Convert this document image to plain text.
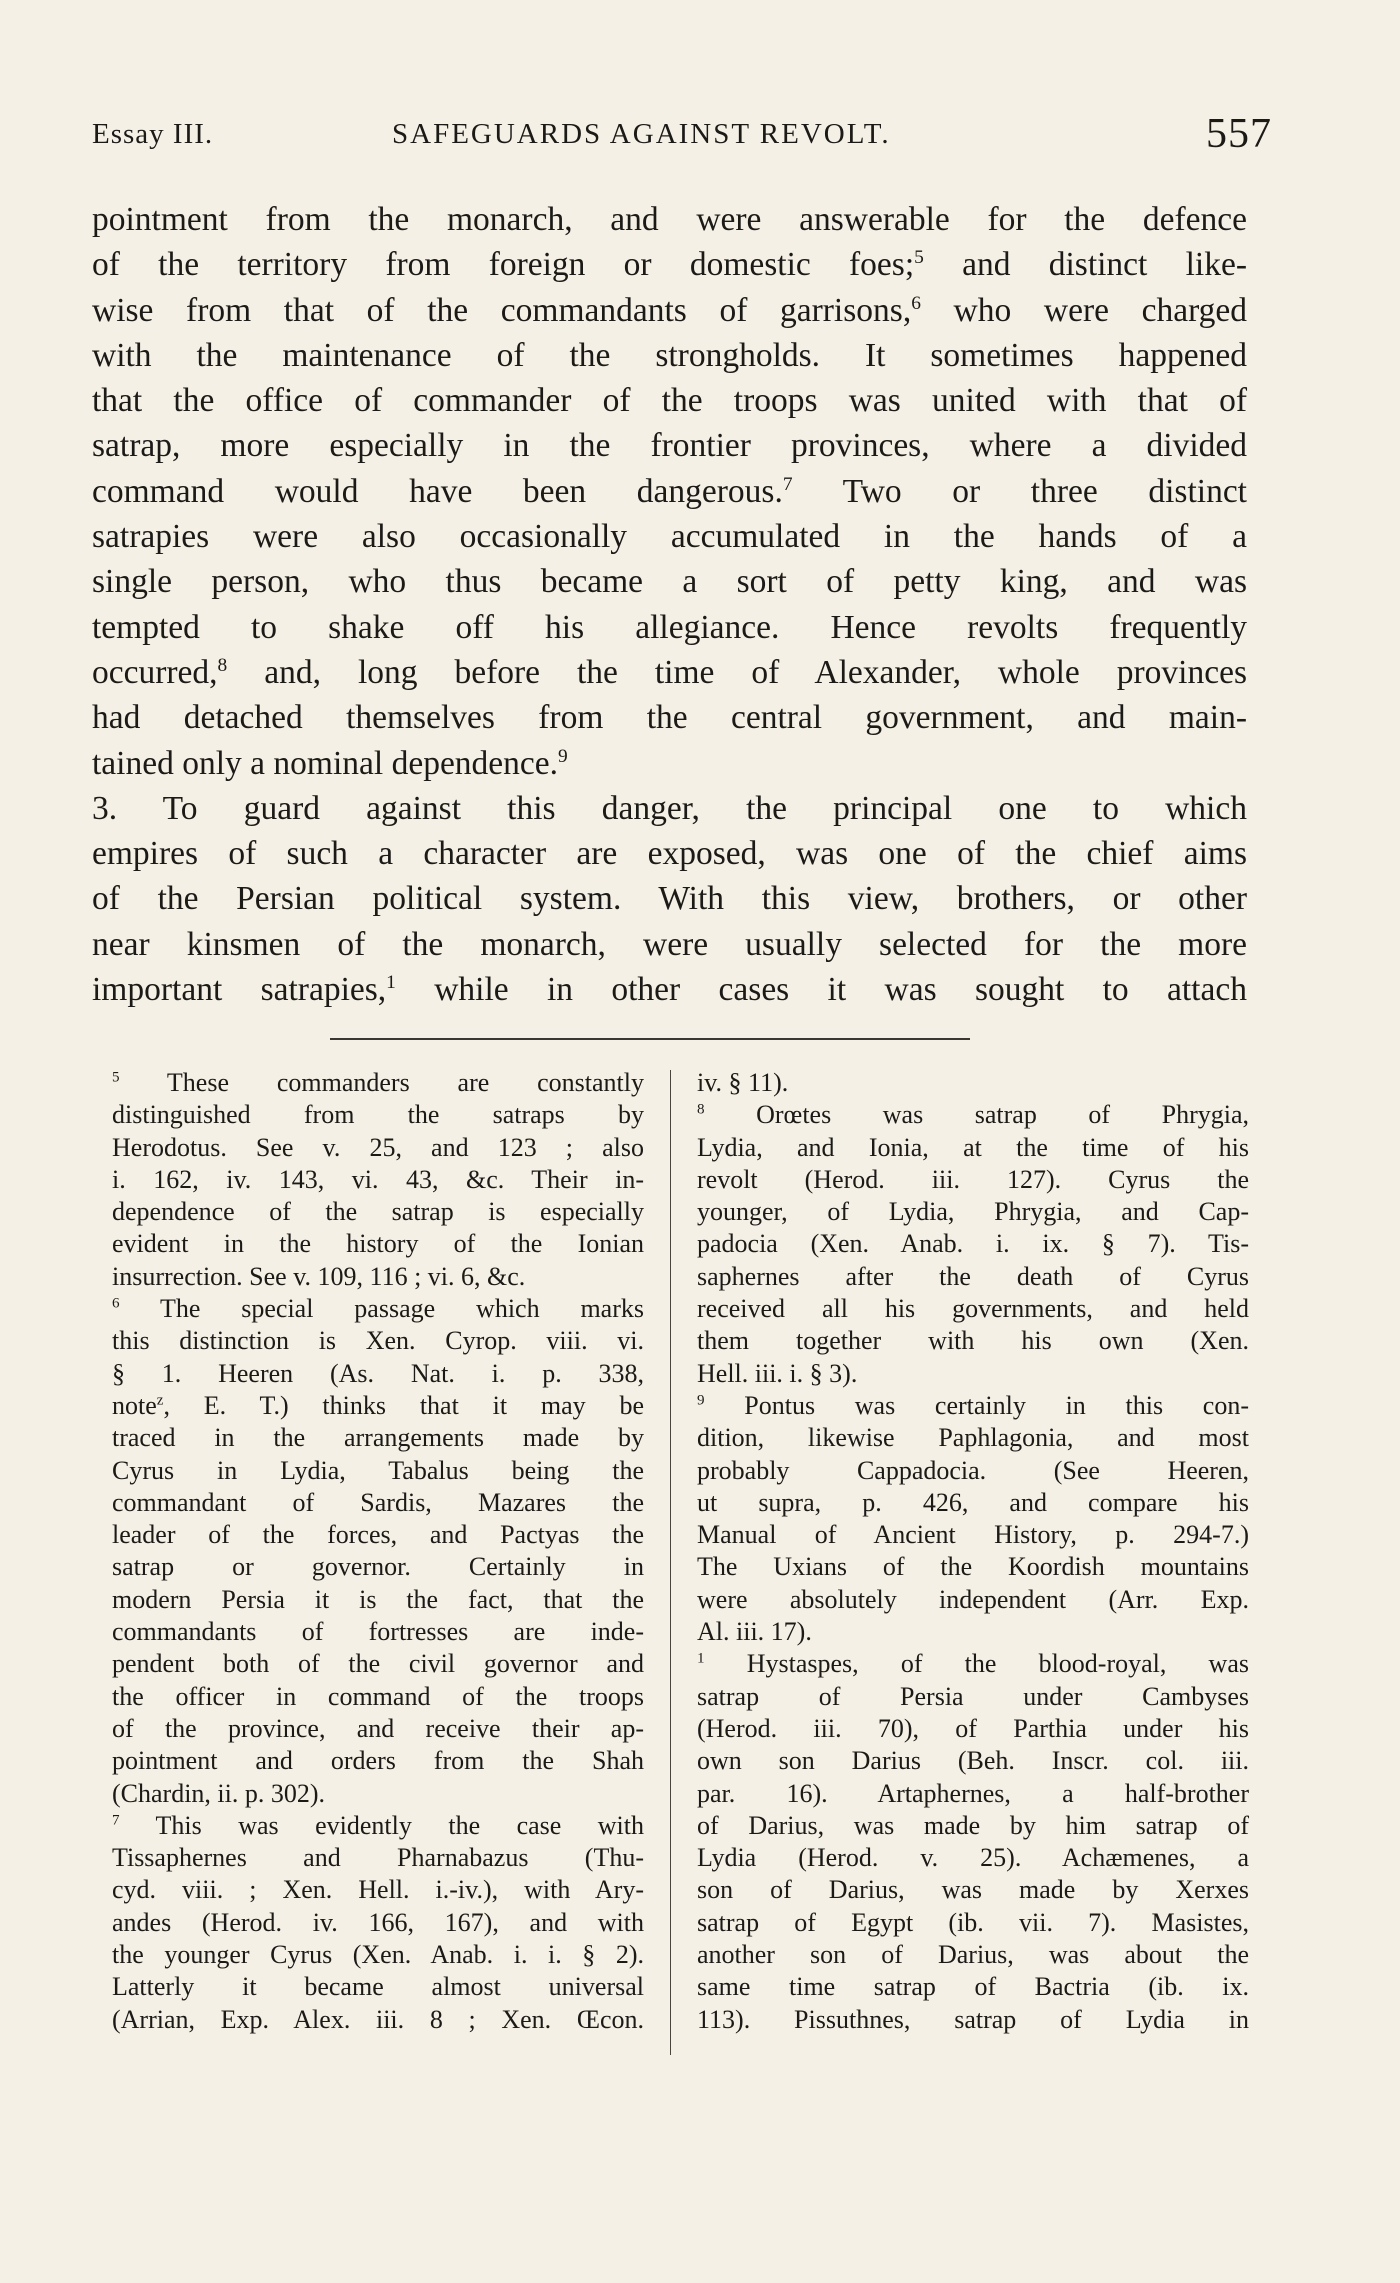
Essay III.	SAFEGUARDS AGAINST REVOLT.	557
pointment from the monarch, and were answerable for the defence
of the territory from foreign or domestic foes;$^5$ and distinct like-
wise from that of the commandants of garrisons,$^6$ who were charged
with the maintenance of the strongholds. It sometimes happened
that the office of commander of the troops was united with that of
satrap, more especially in the frontier provinces, where a divided
command would have been dangerous.$^7$ Two or three distinct
satrapies were also occasionally accumulated in the hands of a
single person, who thus became a sort of petty king, and was
tempted to shake off his allegiance. Hence revolts frequently
occurred,$^8$ and, long before the time of Alexander, whole provinces
had detached themselves from the central government, and main-
tained only a nominal dependence.$^9$
3. To guard against this danger, the principal one to which
empires of such a character are exposed, was one of the chief aims
of the Persian political system. With this view, brothers, or other
near kinsmen of the monarch, were usually selected for the more
important satrapies,$^1$ while in other cases it was sought to attach
$^5$ These commanders are constantly
distinguished from the satraps by
Herodotus. See v. 25, and 123 ; also
i. 162, iv. 143, vi. 43, &c. Their in-
dependence of the satrap is especially
evident in the history of the Ionian
insurrection. See v. 109, 116 ; vi. 6, &c.
$^6$ The special passage which marks
this distinction is Xen. Cyrop. viii. vi.
§ 1. Heeren (As. Nat. i. p. 338,
note$^z$, E. T.) thinks that it may be
traced in the arrangements made by
Cyrus in Lydia, Tabalus being the
commandant of Sardis, Mazares the
leader of the forces, and Pactyas the
satrap or governor. Certainly in
modern Persia it is the fact, that the
commandants of fortresses are inde-
pendent both of the civil governor and
the officer in command of the troops
of the province, and receive their ap-
pointment and orders from the Shah
(Chardin, ii. p. 302).
$^7$ This was evidently the case with
Tissaphernes and Pharnabazus (Thu-
cyd. viii. ; Xen. Hell. i.-iv.), with Ary-
andes (Herod. iv. 166, 167), and with
the younger Cyrus (Xen. Anab. i. i. § 2).
Latterly it became almost universal
(Arrian, Exp. Alex. iii. 8 ; Xen. Œcon.
iv. § 11).
$^8$ Orœtes was satrap of Phrygia,
Lydia, and Ionia, at the time of his
revolt (Herod. iii. 127). Cyrus the
younger, of Lydia, Phrygia, and Cap-
padocia (Xen. Anab. i. ix. § 7). Tis-
saphernes after the death of Cyrus
received all his governments, and held
them together with his own (Xen.
Hell. iii. i. § 3).
$^9$ Pontus was certainly in this con-
dition, likewise Paphlagonia, and most
probably Cappadocia. (See Heeren,
ut supra, p. 426, and compare his
Manual of Ancient History, p. 294-7.)
The Uxians of the Koordish mountains
were absolutely independent (Arr. Exp.
Al. iii. 17).
$^1$ Hystaspes, of the blood-royal, was
satrap of Persia under Cambyses
(Herod. iii. 70), of Parthia under his
own son Darius (Beh. Inscr. col. iii.
par. 16). Artaphernes, a half-brother
of Darius, was made by him satrap of
Lydia (Herod. v. 25). Achæmenes, a
son of Darius, was made by Xerxes
satrap of Egypt (ib. vii. 7). Masistes,
another son of Darius, was about the
same time satrap of Bactria (ib. ix.
113). Pissuthnes, satrap of Lydia in
